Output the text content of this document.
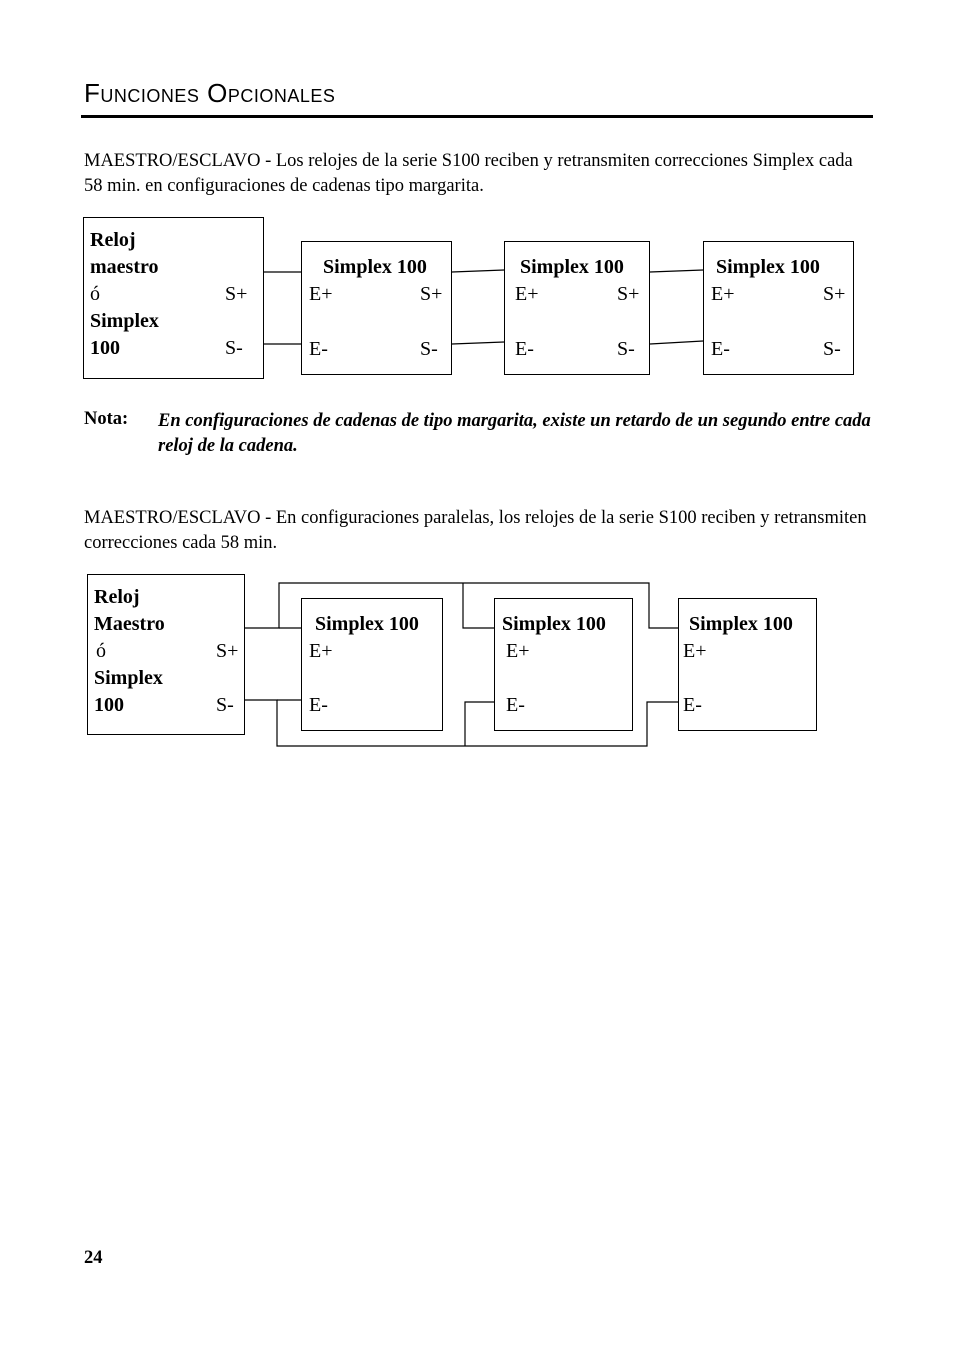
Funciones Opcionales
MAESTRO/ESCLAVO - Los relojes de la serie S100 reciben y retransmiten correcciones Simplex cada 58 min. en configuraciones de cadenas tipo margarita.
Reloj
maestro
ó
Simplex
100
S+
S-
Simplex 100
E+	S+
E-	S-
Simplex 100
E+	S+
E-	S-
Simplex 100
E+	S+
E-	S-
Nota: En configuraciones de cadenas de tipo margarita, existe un retardo de un segundo entre cada reloj de la cadena.
MAESTRO/ESCLAVO - En configuraciones paralelas, los relojes de la serie S100 reciben y retransmiten correcciones cada 58 min.
Reloj
Maestro
ó
Simplex
100
S+
S-
Simplex 100
E+
E-
Simplex 100
E+
E-
Simplex 100
E+
E-
24
